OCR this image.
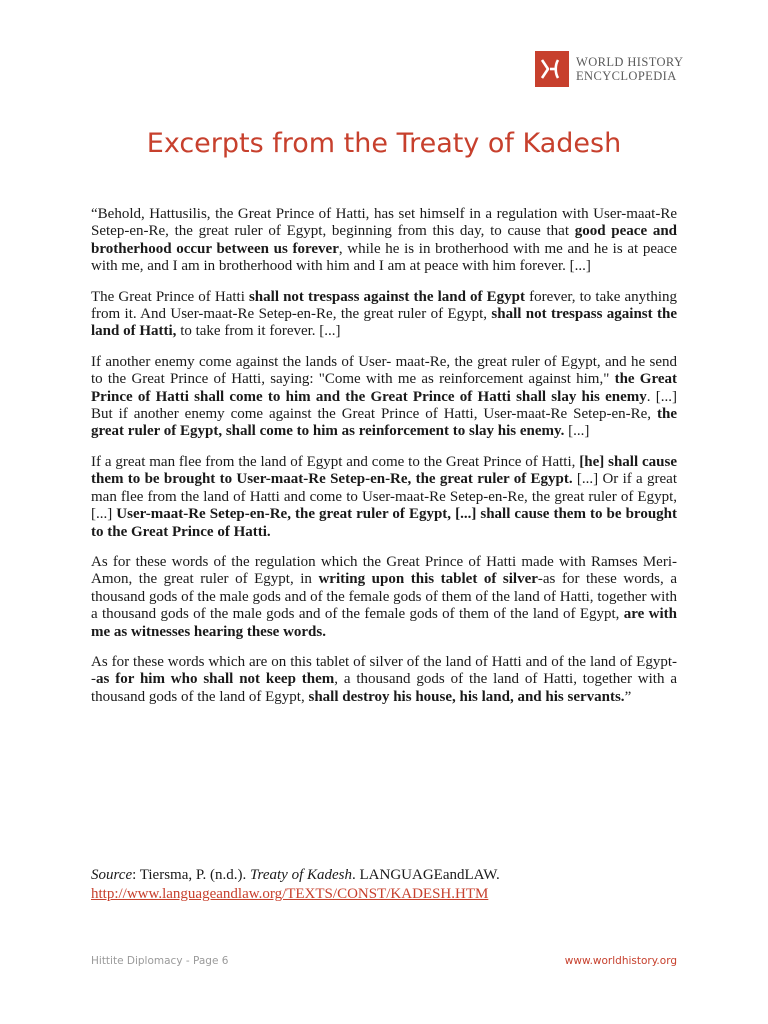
WORLD HISTORY
ENCYCLOPEDIA
Excerpts from the Treaty of Kadesh

“Behold, Hattusilis, the Great Prince of Hatti, has set himself in a regulation with User-maat-Re Setep-en-Re, the great ruler of Egypt, beginning from this day, to cause that good peace and brotherhood occur between us forever, while he is in brotherhood with me and he is at peace with me, and I am in brotherhood with him and I am at peace with him forever. [...]

The Great Prince of Hatti shall not trespass against the land of Egypt forever, to take anything from it. And User-maat-Re Setep-en-Re, the great ruler of Egypt, shall not trespass against the land of Hatti, to take from it forever. [...]

If another enemy come against the lands of User- maat-Re, the great ruler of Egypt, and he send to the Great Prince of Hatti, saying: "Come with me as reinforcement against him," the Great Prince of Hatti shall come to him and the Great Prince of Hatti shall slay his enemy. [...] But if another enemy come against the Great Prince of Hatti, User-maat-Re Setep-en-Re, the great ruler of Egypt, shall come to him as reinforcement to slay his enemy. [...]

If a great man flee from the land of Egypt and come to the Great Prince of Hatti, [he] shall cause them to be brought to User-maat-Re Setep-en-Re, the great ruler of Egypt. [...] Or if a great man flee from the land of Hatti and come to User-maat-Re Setep-en-Re, the great ruler of Egypt, [...] User-maat-Re Setep-en-Re, the great ruler of Egypt, [...] shall cause them to be brought to the Great Prince of Hatti.

As for these words of the regulation which the Great Prince of Hatti made with Ramses Meri-Amon, the great ruler of Egypt, in writing upon this tablet of silver-as for these words, a thousand gods of the male gods and of the female gods of them of the land of Hatti, together with a thousand gods of the male gods and of the female gods of them of the land of Egypt, are with me as witnesses hearing these words.

As for these words which are on this tablet of silver of the land of Hatti and of the land of Egypt--as for him who shall not keep them, a thousand gods of the land of Hatti, together with a thousand gods of the land of Egypt, shall destroy his house, his land, and his servants.”

Source: Tiersma, P. (n.d.). Treaty of Kadesh. LANGUAGEandLAW.
http://www.languageandlaw.org/TEXTS/CONST/KADESH.HTM
Hittite Diplomacy - Page 6	www.worldhistory.org
